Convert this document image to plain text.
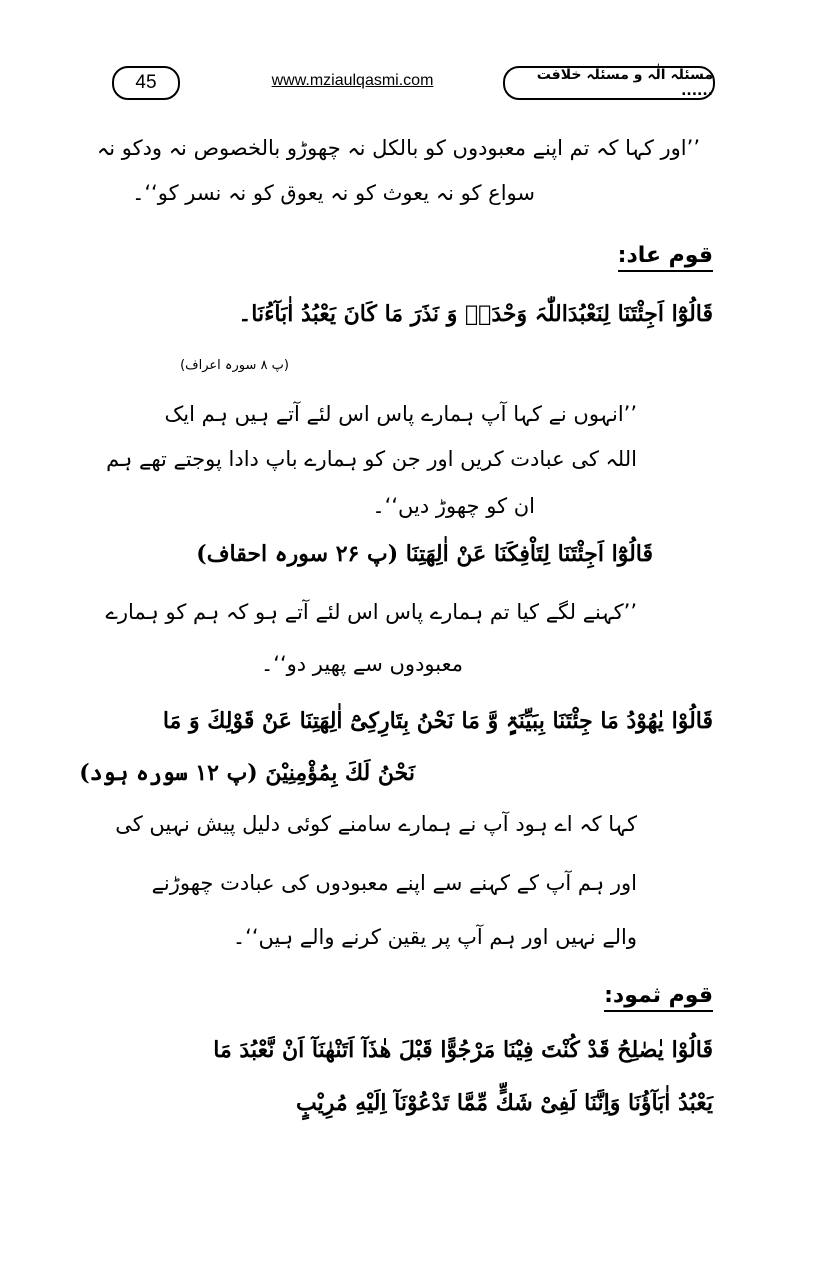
45	www.mziaulqasmi.com	مسئلہ الٰہ و مسئلہ خلافت ......
’’اور کہا کہ تم اپنے معبودوں کو بالکل نہ چھوڑو بالخصوص نہ ودکو نہ
سواع کو نہ یعوث کو نہ یعوق کو نہ نسر کو‘‘۔
قوم عاد:
قَالُوْٓا اَجِئْتَنَا لِنَعْبُدَاللّٰہَ وَحْدَہٗ وَ نَذَرَ مَا کَانَ یَعْبُدُ اٰبَآءُنَا۔
(پ ۸ سورہ اعراف)
’’انہوں نے کہا آپ ہمارے پاس اس لئے آتے ہیں ہم ایک
اللہ کی عبادت کریں اور جن کو ہمارے باپ دادا پوجتے تھے ہم
ان کو چھوڑ دیں‘‘۔
قَالُوْٓا اَجِئْتَنَا لِتَاْفِکَنَا عَنْ اٰلِھَتِنَا (پ ۲۶ سورہ احقاف)
’’کہنے لگے کیا تم ہمارے پاس اس لئے آتے ہو کہ ہم کو ہمارے
معبودوں سے پھیر دو‘‘۔
قَالُوْا یٰھُوْدُ مَا جِئْتَنَا بِبَیِّنَۃٍ وَّ مَا نَحْنُ بِتَارِکِیْٓ اٰلِھَتِنَا عَنْ قَوْلِكَ وَ مَا
نَحْنُ لَكَ بِمُؤْمِنِیْنَ (پ ۱۲ سورہ ہود)
کہا کہ اے ہود آپ نے ہمارے سامنے کوئی دلیل پیش نہیں کی
اور ہم آپ کے کہنے سے اپنے معبودوں کی عبادت چھوڑنے
والے نہیں اور ہم آپ پر یقین کرنے والے ہیں‘‘۔
قوم ثمود:
قَالُوْا یٰصٰلِحُ قَدْ کُنْتَ فِیْنَا مَرْجُوًّا قَبْلَ ھٰذَآ اَتَنْھٰنَآ اَنْ نَّعْبُدَ مَا
یَعْبُدُ اٰبَآؤُنَا وَاِنَّنَا لَفِیْ شَكٍّ مِّمَّا تَدْعُوْنَآ اِلَیْهِ مُرِیْبٍ
